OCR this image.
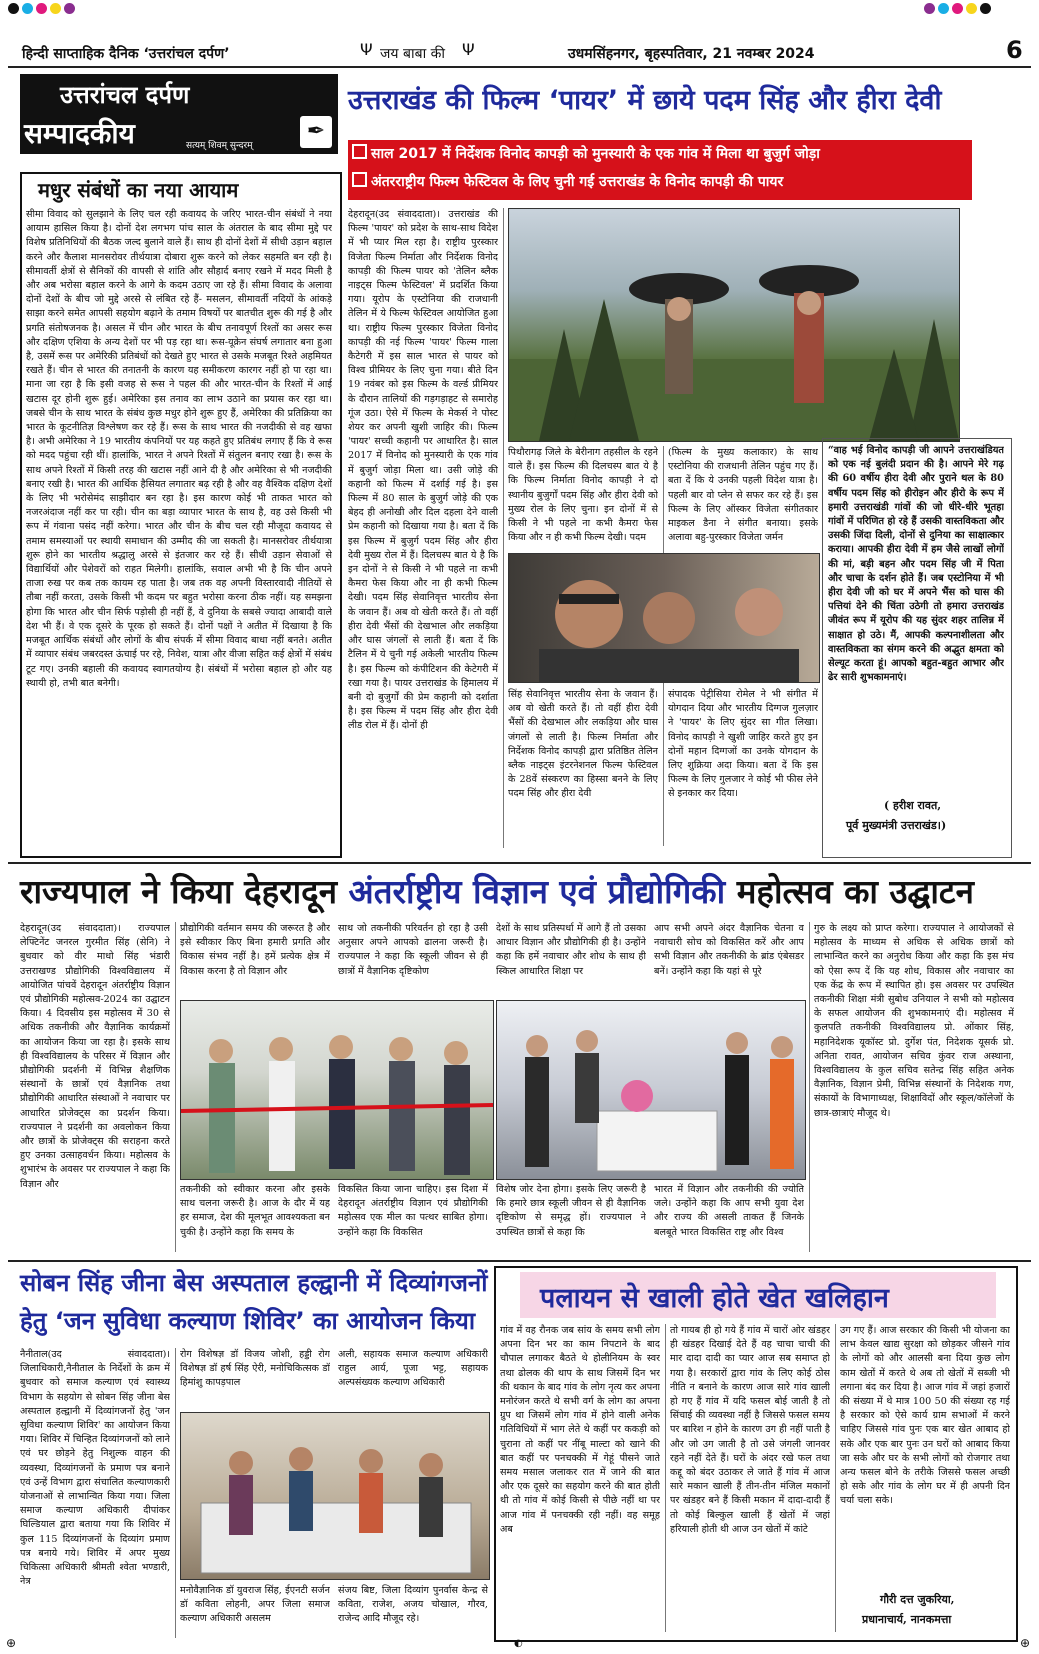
हिन्दी साप्ताहिक दैनिक ‘उत्तरांचल दर्पण’	Ψ जय बाबा की Ψ	उधमसिंहनगर, बृहस्पतिवार, 21 नवम्बर 2024	6
उत्तरांचल दर्पण
सम्पादकीय	सत्यम् शिवम् सुन्दरम्
✒
मधुर संबंधों का नया आयाम
सीमा विवाद को सुलझाने के लिए चल रही कवायद के जरिए भारत-चीन संबंधों ने नया आयाम हासिल किया है। दोनों देश लगभग पांच साल के अंतराल के बाद सीमा मुद्दे पर विशेष प्रतिनिधियों की बैठक जल्द बुलाने वाले हैं। साथ ही दोनों देशों में सीधी उड़ान बहाल करने और कैलाश मानसरोवर तीर्थयात्रा दोबारा शुरू करने को लेकर सहमति बन रही है। सीमावर्ती क्षेत्रों से सैनिकों की वापसी से शांति और सौहार्द बनाए रखने में मदद मिली है और अब भरोसा बहाल करने के आगे के कदम उठाए जा रहे हैं। सीमा विवाद के अलावा दोनों देशों के बीच जो मुद्दे अरसे से लंबित रहे हैं- मसलन, सीमावर्ती नदियों के आंकड़े साझा करने समेत आपसी सहयोग बढ़ाने के तमाम विषयों पर बातचीत शुरू की गई है और प्रगति संतोषजनक है। असल में चीन और भारत के बीच तनावपूर्ण रिश्तों का असर रूस और दक्षिण एशिया के अन्य देशों पर भी पड़ रहा था। रूस-यूक्रेन संघर्ष लगातार बना हुआ है, उसमें रूस पर अमेरिकी प्रतिबंधों को देखते हुए भारत से उसके मजबूत रिश्ते अहमियत रखते हैं। चीन से भारत की तनातनी के कारण यह समीकरण कारगर नहीं हो पा रहा था। माना जा रहा है कि इसी वजह से रूस ने पहल की और भारत-चीन के रिश्तों में आई खटास दूर होनी शुरू हुई। अमेरिका इस तनाव का लाभ उठाने का प्रयास कर रहा था। जबसे चीन के साथ भारत के संबंध कुछ मधुर होने शुरू हुए हैं, अमेरिका की प्रतिक्रिया का भारत के कूटनीतिज्ञ विश्लेषण कर रहे हैं। रूस के साथ भारत की नजदीकी से वह खफा है। अभी अमेरिका ने 19 भारतीय कंपनियों पर यह कहते हुए प्रतिबंध लगाए हैं कि वे रूस को मदद पहुंचा रही थीं। हालांकि, भारत ने अपने रिश्तों में संतुलन बनाए रखा है। रूस के साथ अपने रिश्तों में किसी तरह की खटास नहीं आने दी है और अमेरिका से भी नजदीकी बनाए रखी है। भारत की आर्थिक हैसियत लगातार बढ़ रही है और वह वैश्विक दक्षिण देशों के लिए भी भरोसेमंद साझीदार बन रहा है। इस कारण कोई भी ताकत भारत को नजरअंदाज नहीं कर पा रही। चीन का बड़ा व्यापार भारत के साथ है, वह उसे किसी भी रूप में गंवाना पसंद नहीं करेगा। भारत और चीन के बीच चल रही मौजूदा कवायद से तमाम समस्याओं पर स्थायी समाधान की उम्मीद की जा सकती है। मानसरोवर तीर्थयात्रा शुरू होने का भारतीय श्रद्धालु अरसे से इंतजार कर रहे हैं। सीधी उड़ान सेवाओं से विद्यार्थियों और पेशेवरों को राहत मिलेगी। हालांकि, सवाल अभी भी है कि चीन अपने ताजा रुख पर कब तक कायम रह पाता है। जब तक वह अपनी विस्तारवादी नीतियों से तौबा नहीं करता, उसके किसी भी कदम पर बहुत भरोसा करना ठीक नहीं। यह समझना होगा कि भारत और चीन सिर्फ पड़ोसी ही नहीं हैं, वे दुनिया के सबसे ज्यादा आबादी वाले देश भी हैं। वे एक दूसरे के पूरक हो सकते हैं। दोनों पक्षों ने अतीत में दिखाया है कि मजबूत आर्थिक संबंधों और लोगों के बीच संपर्क में सीमा विवाद बाधा नहीं बनते। अतीत में व्यापार संबंध जबरदस्त ऊंचाई पर रहे, निवेश, यात्रा और वीजा सहित कई क्षेत्रों में संबंध टूट गए। उनकी बहाली की कवायद स्वागतयोग्य है। संबंधों में भरोसा बहाल हो और यह स्थायी हो, तभी बात बनेगी।
उत्तराखंड की फिल्म ‘पायर’ में छाये पदम सिंह और हीरा देवी
साल 2017 में निर्देशक विनोद कापड़ी को मुनस्यारी के एक गांव में मिला था बुजुर्ग जोड़ा
अंतरराष्ट्रीय फिल्म फेस्टिवल के लिए चुनी गई उत्तराखंड के विनोद कापड़ी की पायर
देहरादून(उद संवाददाता)। उत्तराखंड की फिल्म 'पायर' को प्रदेश के साथ-साथ विदेश में भी प्यार मिल रहा है। राष्ट्रीय पुरस्कार विजेता फिल्म निर्माता और निर्देशक विनोद कापड़ी की फिल्म पायर को 'तेलिन ब्लैक नाइट्स फिल्म फेस्टिवल' में प्रदर्शित किया गया। यूरोप के एस्टोनिया की राजधानी तेलिन में ये फिल्म फेस्टिवल आयोजित हुआ था। राष्ट्रीय फिल्म पुरस्कार विजेता विनोद कापड़ी की नई फिल्म 'पायर' फिल्म गाला कैटेगरी में इस साल भारत से पायर को विश्व प्रीमियर के लिए चुना गया। बीते दिन 19 नवंबर को इस फिल्म के वर्ल्ड प्रीमियर के दौरान तालियों की गड़गड़ाहट से समारोह गूंज उठा। ऐसे में फिल्म के मेकर्स ने पोस्ट शेयर कर अपनी खुशी जाहिर की। फिल्म 'पायर' सच्ची कहानी पर आधारित है। साल 2017 में विनोद को मुनस्यारी के एक गांव में बुजुर्ग जोड़ा मिला था। उसी जोड़े की कहानी को फिल्म में दर्शाई गई है। इस फिल्म में 80 साल के बुजुर्ग जोड़े की एक बेहद ही अनोखी और दिल दहला देने वाली प्रेम कहानी को दिखाया गया है। बता दें कि इस फिल्म में बुजुर्ग पदम सिंह और हीरा देवी मुख्य रोल में हैं। दिलचस्प बात ये है कि इन दोनों ने से किसी ने भी पहले ना कभी कैमरा फेस किया और ना ही कभी फिल्म देखी। पदम सिंह सेवानिवृत्त भारतीय सेना के जवान हैं। अब वो खेती करते हैं। तो वहीं हीरा देवी भैंसों की देखभाल और लकड़िया और घास जंगलों से लाती हैं। बता दें कि टैलिन में ये चुनी गई अकेली भारतीय फिल्म है। इस फिल्म को कंपीटिशन की केटेगरी में रखा गया है। पायर उत्तराखंड के हिमालय में बनी दो बुजुर्गों की प्रेम कहानी को दर्शाता है। इस फिल्म में पदम सिंह और हीरा देवी लीड रोल में हैं। दोनों ही
पिथौरागढ़ जिले के बेरीनाग तहसील के रहने वाले हैं। इस फिल्म की दिलचस्प बात ये है कि फिल्म निर्माता विनोद कापड़ी ने दो स्थानीय बुजुर्गों पदम सिंह और हीरा देवी को मुख्य रोल के लिए चुना। इन दोनों में से किसी ने भी पहले ना कभी कैमरा फेस किया और न ही कभी फिल्म देखी। पदम
(फिल्म के मुख्य कलाकार) के साथ एस्टोनिया की राजधानी तेलिन पहुंच गए हैं। बता दें कि ये उनकी पहली विदेश यात्रा है। पहली बार वो प्लेन से सफर कर रहे हैं। इस फिल्म के लिए ऑस्कर विजेता संगीतकार माइकल डैना ने संगीत बनाया। इसके अलावा बहु-पुरस्कार विजेता जर्मन
सिंह सेवानिवृत्त भारतीय सेना के जवान हैं। अब वो खेती करते हैं। तो वहीं हीरा देवी भैंसों की देखभाल और लकड़िया और घास जंगलों से लाती है। फिल्म निर्माता और निर्देशक विनोद कापड़ी द्वारा प्रतिष्ठित तेलिन ब्लैक नाइट्स इंटरनेशनल फिल्म फेस्टिवल के 28वें संस्करण का हिस्सा बनने के लिए पदम सिंह और हीरा देवी
संपादक पेट्रीसिया रोमेल ने भी संगीत में योगदान दिया और भारतीय दिग्गज गुलज़ार ने 'पायर' के लिए सुंदर सा गीत लिखा। विनोद कापड़ी ने खुशी जाहिर करते हुए इन दोनों महान दिग्गजों का उनके योगदान के लिए शुक्रिया अदा किया। बता दें कि इस फिल्म के लिए गुलजार ने कोई भी फीस लेने से इनकार कर दिया।
“वाह भई विनोद कापड़ी जी आपने उत्तराखंडियत को एक नई बुलंदी प्रदान की है। आपने मेरे गढ़ की 60 वर्षीय हीरा देवी और पुराने थल के 80 वर्षीय पदम सिंह को हीरोइन और हीरो के रूप में हमारी उत्तराखंडी गांवों की जो धीरे-धीरे भूतहा गांवों में परिणित हो रहे हैं उसकी वास्तविकता और उसकी जिंदा दिली, दोनों से दुनिया का साक्षात्कार कराया। आपकी हीरा देवी में हम जैसे लाखों लोगों की मां, बड़ी बहन और पदम सिंह जी में पिता और चाचा के दर्शन होते हैं। जब एस्टोनिया में भी हीरा देवी जी को घर में अपने भैंस को घास की पत्तियां देने की चिंता उठेगी तो हमारा उत्तराखंड जीवंत रूप में यूरोप की यह सुंदर शहर तालिन्न में साक्षात हो उठे। मैं, आपकी कल्पनाशीलता और वास्तविकता का संगम करने की अद्भुत क्षमता को सेल्यूट करता हूं। आपको बहुत-बहुत आभार और ढेर सारी शुभकामनाएं।
( हरीश रावत,
पूर्व मुख्यमंत्री उत्तराखंड।)
राज्यपाल ने किया देहरादून अंतर्राष्ट्रीय विज्ञान एवं प्रौद्योगिकी महोत्सव का उद्घाटन
देहरादून(उद संवाददाता)। राज्यपाल लेफ्टिनेंट जनरल गुरमीत सिंह (सेनि) ने बुधवार को वीर माधो सिंह भंडारी उत्तराखण्ड प्रौद्योगिकी विश्वविद्यालय में आयोजित पांचवें देहरादून अंतर्राष्ट्रीय विज्ञान एवं प्रौद्योगिकी महोत्सव-2024 का उद्घाटन किया। 4 दिवसीय इस महोत्सव में 30 से अधिक तकनीकी और वैज्ञानिक कार्यक्रमों का आयोजन किया जा रहा है। इसके साथ ही विश्वविद्यालय के परिसर में विज्ञान और प्रौद्योगिकी प्रदर्शनी में विभिन्न शैक्षणिक संस्थानों के छात्रों एवं वैज्ञानिक तथा प्रौद्योगिकी आधारित संस्थाओं ने नवाचार पर आधारित प्रोजेक्ट्स का प्रदर्शन किया। राज्यपाल ने प्रदर्शनी का अवलोकन किया और छात्रों के प्रोजेक्ट्स की सराहना करते हुए उनका उत्साहवर्धन किया। महोत्सव के शुभारंभ के अवसर पर राज्यपाल ने कहा कि विज्ञान और
प्रौद्योगिकी वर्तमान समय की जरूरत है और इसे स्वीकार किए बिना हमारी प्रगति और विकास संभव नहीं है। हमें प्रत्येक क्षेत्र में विकास करना है तो विज्ञान और
साथ जो तकनीकी परिवर्तन हो रहा है उसी अनुसार अपने आपको ढालना जरूरी है। राज्यपाल ने कहा कि स्कूली जीवन से ही छात्रों में वैज्ञानिक दृष्टिकोण
देशों के साथ प्रतिस्पर्धा में आगे हैं तो उसका आधार विज्ञान और प्रौद्योगिकी ही है। उन्होंने कहा कि हमें नवाचार और शोध के साथ ही स्किल आधारित शिक्षा पर
आप सभी अपने अंदर वैज्ञानिक चेतना व नवाचारी सोच को विकसित करें और आप सभी विज्ञान और तकनीकी के ब्रांड एंबेसडर बनें। उन्होंने कहा कि यहां से पूरे
गुरु के लक्ष्य को प्राप्त करेगा। राज्यपाल ने आयोजकों से महोत्सव के माध्यम से अधिक से अधिक छात्रों को लाभान्वित करने का अनुरोध किया और कहा कि इस मंच को ऐसा रूप दें कि यह शोध, विकास और नवाचार का एक केंद्र के रूप में स्थापित हो। इस अवसर पर उपस्थित तकनीकी शिक्षा मंत्री सुबोध उनियाल ने सभी को महोत्सव के सफल आयोजन की शुभकामनाएं दी। महोत्सव में कुलपति तकनीकी विश्वविद्यालय प्रो. ओंकार सिंह, महानिदेशक यूकॉस्ट प्रो. दुर्गेश पंत, निदेशक यूसर्क प्रो. अनिता रावत, आयोजन सचिव कुंवर राज अस्थाना, विश्वविद्यालय के कुल सचिव सतेन्द्र सिंह सहित अनेक वैज्ञानिक, विज्ञान प्रेमी, विभिन्न संस्थानों के निदेशक गण, संकायों के विभागाध्यक्ष, शिक्षाविदों और स्कूल/कॉलेजों के छात्र-छात्राएं मौजूद थे।
तकनीकी को स्वीकार करना और इसके साथ चलना जरूरी है। आज के दौर में यह हर समाज, देश की मूलभूत आवश्यकता बन चुकी है। उन्होंने कहा कि समय के
विकसित किया जाना चाहिए। इस दिशा में देहरादून अंतर्राष्ट्रीय विज्ञान एवं प्रौद्योगिकी महोत्सव एक मील का पत्थर साबित होगा। उन्होंने कहा कि विकसित
विशेष जोर देना होगा। इसके लिए जरूरी है कि हमारे छात्र स्कूली जीवन से ही वैज्ञानिक दृष्टिकोण से समृद्ध हों। राज्यपाल ने उपस्थित छात्रों से कहा कि
भारत में विज्ञान और तकनीकी की ज्योति जले। उन्होंने कहा कि आप सभी युवा देश और राज्य की असली ताकत हैं जिनके बलबूते भारत विकसित राष्ट्र और विश्व
सोबन सिंह जीना बेस अस्पताल हल्द्वानी में दिव्यांगजनों
हेतु ‘जन सुविधा कल्याण शिविर’ का आयोजन किया
नैनीताल(उद संवाददाता)। जिलाधिकारी,नैनीताल के निर्देशों के क्रम में बुधवार को समाज कल्याण एवं स्वास्थ्य विभाग के सहयोग से सोबन सिंह जीना बेस अस्पताल हल्द्वानी में दिव्यांगजनों हेतु 'जन सुविधा कल्याण शिविर' का आयोजन किया गया। शिविर में चिन्हित दिव्यांगजनों को लाने एवं घर छोड़ने हेतु निशुल्क वाहन की व्यवस्था, दिव्यांगजनों के प्रमाण पत्र बनाने एवं उन्हें विभाग द्वारा संचालित कल्याणकारी योजनाओं से लाभान्वित किया गया। जिला समाज कल्याण अधिकारी दीपांकर घिल्डियाल द्वारा बताया गया कि शिविर में कुल 115 दिव्यांगजनों के दिव्यांग प्रमाण पत्र बनाये गये। शिविर में अपर मुख्य चिकित्सा अधिकारी श्रीमती श्वेता भण्डारी, नेत्र
रोग विशेषज्ञ डॉ विजय जोशी, हड्डी रोग विशेषज्ञ डॉ हर्ष सिंह ऐरी, मनोचिकित्सक डॉ हिमांशु कापड़पाल
अली, सहायक समाज कल्याण अधिकारी राहुल आर्य, पूजा भट्ट, सहायक अल्पसंख्यक कल्याण अधिकारी
मनोवैज्ञानिक डॉ युवराज सिंह, ईएनटी सर्जन डॉ कविता लोहनी, अपर जिला समाज कल्याण अधिकारी असलम
संजय बिष्ट, जिला दिव्यांग पुनर्वास केन्द्र से कविता, राजेश, अजय चोखाल, गौरव, राजेन्द आदि मौजूद रहे।
पलायन से खाली होते खेत खलिहान
गांव में वह रौनक जब सांय के समय सभी लोग अपना दिन भर का काम निपटाने के बाद चौपाल लगाकर बैठते थे होलीनियम के स्वर तथा ढोलक की थाप के साथ जिसमें दिन भर की थकान के बाद गांव के लोग नृत्य कर अपना मनोरंजन करते थे सभी वर्ग के लोग का अपना ग्रुप था जिसमें लोग गांव में होने वाली अनेक गतिविधियों में भाग लेते थे कहीं पर ककड़ी को चुराना तो कहीं पर नींबू माल्टा को खाने की बात कहीं पर पनचक्की में गेहूं पीसने जाते समय मसाल जलाकर रात में जाने की बात और एक दूसरे का सहयोग करने की बात होती थी तो गांव में कोई किसी से पीछे नहीं था पर आज गांव में पनचक्की रही नहीं। वह समूह अब
तो गायब ही हो गये हैं गांव में चारों ओर खंडहर ही खंडहर दिखाई देते हैं वह चाचा चाची की मार दादा दादी का प्यार आज सब समाप्त हो गया है। सरकारों द्वारा गांव के लिए कोई ठोस नीति न बनाने के कारण आज सारे गांव खाली हो गए हैं गांव में यदि फसल बोई जाती है तो सिंचाई की व्यवस्था नहीं है जिससे फसल समय पर बारिश न होने के कारण उग ही नहीं पाती है और जो उग जाती है तो उसे जंगली जानवर रहने नहीं देते हैं। घरों के अंदर रखे फल तथा कद्दू को बंदर उठाकर ले जाते हैं गांव में आज सारे मकान खाली हैं तीन-तीन मंजिल मकानों पर खंडहर बने हैं किसी मकान में दादा-दादी हैं तो कोई बिल्कुल खाली हैं खेतों में जहां हरियाली होती थी आज उन खेतों में कांटे
उग गए हैं। आज सरकार की किसी भी योजना का लाभ केवल खाद्य सुरक्षा को छोड़कर जीसने गांव के लोगों को और आलसी बना दिया कुछ लोग काम खेतों में करते थे अब तो खेतों में सब्जी भी लगाना बंद कर दिया है। आज गांव में जहां हजारों की संख्या में थे मात्र 100 50 की संख्या रह गई है सरकार को ऐसे कार्य ग्राम सभाओं में करने चाहिए जिससे गांव पुनः एक बार खेत आबाद हो सके और एक बार पुनः उन घरों को आबाद किया जा सके और घर के सभी लोगों को रोजगार तथा अन्य फसल बोने के तरीके जिससे फसल अच्छी हो सके और गांव के लोग घर में ही अपनी दिन चर्या चला सके।
गौरी दत्त जुकरिया,
प्रधानाचार्य, नानकमत्ता
⊕	◐	⊕
